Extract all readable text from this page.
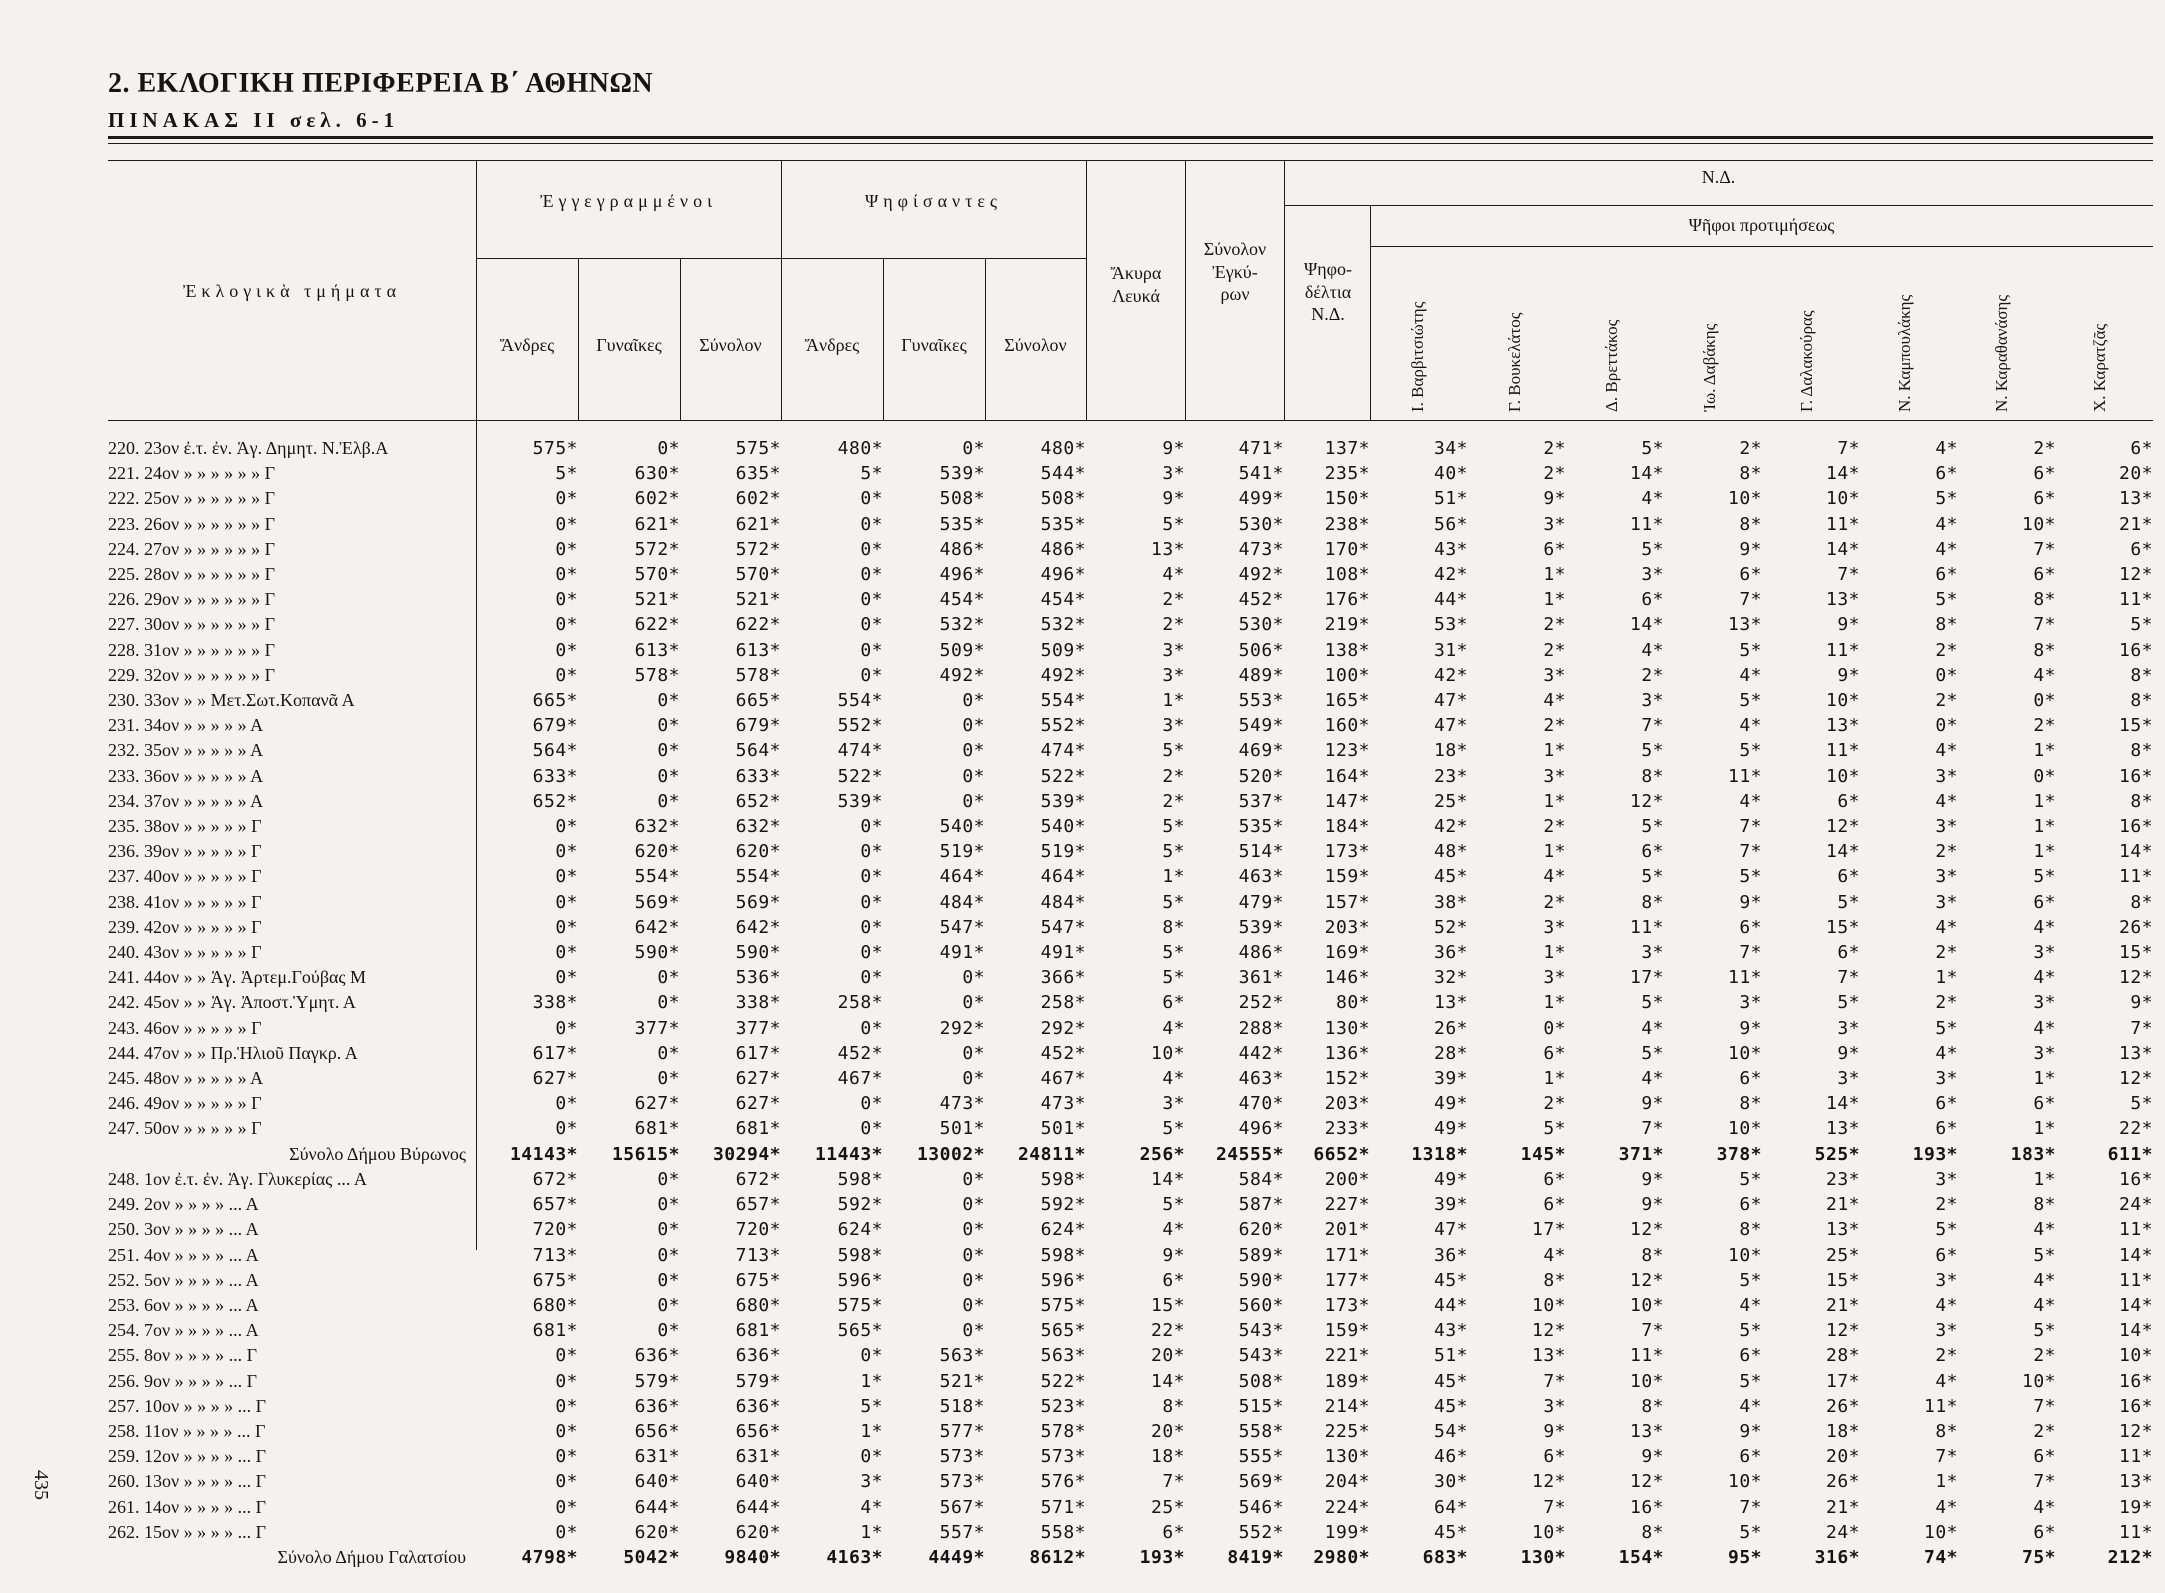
2. ΕΚΛΟΓΙΚΗ ΠΕΡΙΦΕΡΕΙΑ Β΄ ΑΘΗΝΩΝ
ΠΙΝΑΚΑΣ ΙΙ σελ. 6-1
435
Ἐκλογικὰ τμήματα
Ἐγγεγραμμένοι	Ψηφίσαντες
Ἄνδρες	Γυναῖκες	Σύνολον	Ἄνδρες	Γυναῖκες	Σύνολον
Ἄκυρα Λευκά
Σύνολον Ἐγκύ-ρων
Ψηφο-δέλτια Ν.Δ.
Ν.Δ.
Ψῆφοι προτιμήσεως
Ι. Βαρβιτσιώτης	Γ. Βουκελάτος	Δ. Βρεττάκος	Ἰω. Δαβάκης	Γ. Δαλακούρας	Ν. Καμπουλάκης	Ν. Καραθανάσης	Χ. Καρατζᾶς
220. 23ον ἐ.τ. ἐν. Ἁγ. Δημητ. Ν.Ἐλβ.Α	575*	0*	575*	480*	0*	480*	9*	471*	137*	34*	2*	5*	2*	7*	4*	2*	6*
221. 24ον » » » » » » Γ	5*	630*	635*	5*	539*	544*	3*	541*	235*	40*	2*	14*	8*	14*	6*	6*	20*
222. 25ον » » » » » » Γ	0*	602*	602*	0*	508*	508*	9*	499*	150*	51*	9*	4*	10*	10*	5*	6*	13*
223. 26ον » » » » » » Γ	0*	621*	621*	0*	535*	535*	5*	530*	238*	56*	3*	11*	8*	11*	4*	10*	21*
224. 27ον » » » » » » Γ	0*	572*	572*	0*	486*	486*	13*	473*	170*	43*	6*	5*	9*	14*	4*	7*	6*
225. 28ον » » » » » » Γ	0*	570*	570*	0*	496*	496*	4*	492*	108*	42*	1*	3*	6*	7*	6*	6*	12*
226. 29ον » » » » » » Γ	0*	521*	521*	0*	454*	454*	2*	452*	176*	44*	1*	6*	7*	13*	5*	8*	11*
227. 30ον » » » » » » Γ	0*	622*	622*	0*	532*	532*	2*	530*	219*	53*	2*	14*	13*	9*	8*	7*	5*
228. 31ον » » » » » » Γ	0*	613*	613*	0*	509*	509*	3*	506*	138*	31*	2*	4*	5*	11*	2*	8*	16*
229. 32ον » » » » » » Γ	0*	578*	578*	0*	492*	492*	3*	489*	100*	42*	3*	2*	4*	9*	0*	4*	8*
230. 33ον » » Μετ.Σωτ.Κοπανᾶ Α	665*	0*	665*	554*	0*	554*	1*	553*	165*	47*	4*	3*	5*	10*	2*	0*	8*
231. 34ον » » » » » Α	679*	0*	679*	552*	0*	552*	3*	549*	160*	47*	2*	7*	4*	13*	0*	2*	15*
232. 35ον » » » » » Α	564*	0*	564*	474*	0*	474*	5*	469*	123*	18*	1*	5*	5*	11*	4*	1*	8*
233. 36ον » » » » » Α	633*	0*	633*	522*	0*	522*	2*	520*	164*	23*	3*	8*	11*	10*	3*	0*	16*
234. 37ον » » » » » Α	652*	0*	652*	539*	0*	539*	2*	537*	147*	25*	1*	12*	4*	6*	4*	1*	8*
235. 38ον » » » » » Γ	0*	632*	632*	0*	540*	540*	5*	535*	184*	42*	2*	5*	7*	12*	3*	1*	16*
236. 39ον » » » » » Γ	0*	620*	620*	0*	519*	519*	5*	514*	173*	48*	1*	6*	7*	14*	2*	1*	14*
237. 40ον » » » » » Γ	0*	554*	554*	0*	464*	464*	1*	463*	159*	45*	4*	5*	5*	6*	3*	5*	11*
238. 41ον » » » » » Γ	0*	569*	569*	0*	484*	484*	5*	479*	157*	38*	2*	8*	9*	5*	3*	6*	8*
239. 42ον » » » » » Γ	0*	642*	642*	0*	547*	547*	8*	539*	203*	52*	3*	11*	6*	15*	4*	4*	26*
240. 43ον » » » » » Γ	0*	590*	590*	0*	491*	491*	5*	486*	169*	36*	1*	3*	7*	6*	2*	3*	15*
241. 44ον » » Ἁγ. Ἀρτεμ.Γούβας Μ	0*	0*	536*	0*	0*	366*	5*	361*	146*	32*	3*	17*	11*	7*	1*	4*	12*
242. 45ον » » Ἁγ. Ἀποστ.Ὑμητ. Α	338*	0*	338*	258*	0*	258*	6*	252*	80*	13*	1*	5*	3*	5*	2*	3*	9*
243. 46ον » » » » » Γ	0*	377*	377*	0*	292*	292*	4*	288*	130*	26*	0*	4*	9*	3*	5*	4*	7*
244. 47ον » » Πρ.Ἡλιοῦ Παγκρ. Α	617*	0*	617*	452*	0*	452*	10*	442*	136*	28*	6*	5*	10*	9*	4*	3*	13*
245. 48ον » » » » » Α	627*	0*	627*	467*	0*	467*	4*	463*	152*	39*	1*	4*	6*	3*	3*	1*	12*
246. 49ον » » » » » Γ	0*	627*	627*	0*	473*	473*	3*	470*	203*	49*	2*	9*	8*	14*	6*	6*	5*
247. 50ον » » » » » Γ	0*	681*	681*	0*	501*	501*	5*	496*	233*	49*	5*	7*	10*	13*	6*	1*	22*
Σύνολο Δήμου Βύρωνος	14143*	15615*	30294*	11443*	13002*	24811*	256*	24555*	6652*	1318*	145*	371*	378*	525*	193*	183*	611*
248. 1ον ἐ.τ. ἐν. Ἁγ. Γλυκερίας ... Α	672*	0*	672*	598*	0*	598*	14*	584*	200*	49*	6*	9*	5*	23*	3*	1*	16*
249. 2ον » » » » ... Α	657*	0*	657*	592*	0*	592*	5*	587*	227*	39*	6*	9*	6*	21*	2*	8*	24*
250. 3ον » » » » ... Α	720*	0*	720*	624*	0*	624*	4*	620*	201*	47*	17*	12*	8*	13*	5*	4*	11*
251. 4ον » » » » ... Α	713*	0*	713*	598*	0*	598*	9*	589*	171*	36*	4*	8*	10*	25*	6*	5*	14*
252. 5ον » » » » ... Α	675*	0*	675*	596*	0*	596*	6*	590*	177*	45*	8*	12*	5*	15*	3*	4*	11*
253. 6ον » » » » ... Α	680*	0*	680*	575*	0*	575*	15*	560*	173*	44*	10*	10*	4*	21*	4*	4*	14*
254. 7ον » » » » ... Α	681*	0*	681*	565*	0*	565*	22*	543*	159*	43*	12*	7*	5*	12*	3*	5*	14*
255. 8ον » » » » ... Γ	0*	636*	636*	0*	563*	563*	20*	543*	221*	51*	13*	11*	6*	28*	2*	2*	10*
256. 9ον » » » » ... Γ	0*	579*	579*	1*	521*	522*	14*	508*	189*	45*	7*	10*	5*	17*	4*	10*	16*
257. 10ον » » » » ... Γ	0*	636*	636*	5*	518*	523*	8*	515*	214*	45*	3*	8*	4*	26*	11*	7*	16*
258. 11ον » » » » ... Γ	0*	656*	656*	1*	577*	578*	20*	558*	225*	54*	9*	13*	9*	18*	8*	2*	12*
259. 12ον » » » » ... Γ	0*	631*	631*	0*	573*	573*	18*	555*	130*	46*	6*	9*	6*	20*	7*	6*	11*
260. 13ον » » » » ... Γ	0*	640*	640*	3*	573*	576*	7*	569*	204*	30*	12*	12*	10*	26*	1*	7*	13*
261. 14ον » » » » ... Γ	0*	644*	644*	4*	567*	571*	25*	546*	224*	64*	7*	16*	7*	21*	4*	4*	19*
262. 15ον » » » » ... Γ	0*	620*	620*	1*	557*	558*	6*	552*	199*	45*	10*	8*	5*	24*	10*	6*	11*
Σύνολο Δήμου Γαλατσίου	4798*	5042*	9840*	4163*	4449*	8612*	193*	8419*	2980*	683*	130*	154*	95*	316*	74*	75*	212*
